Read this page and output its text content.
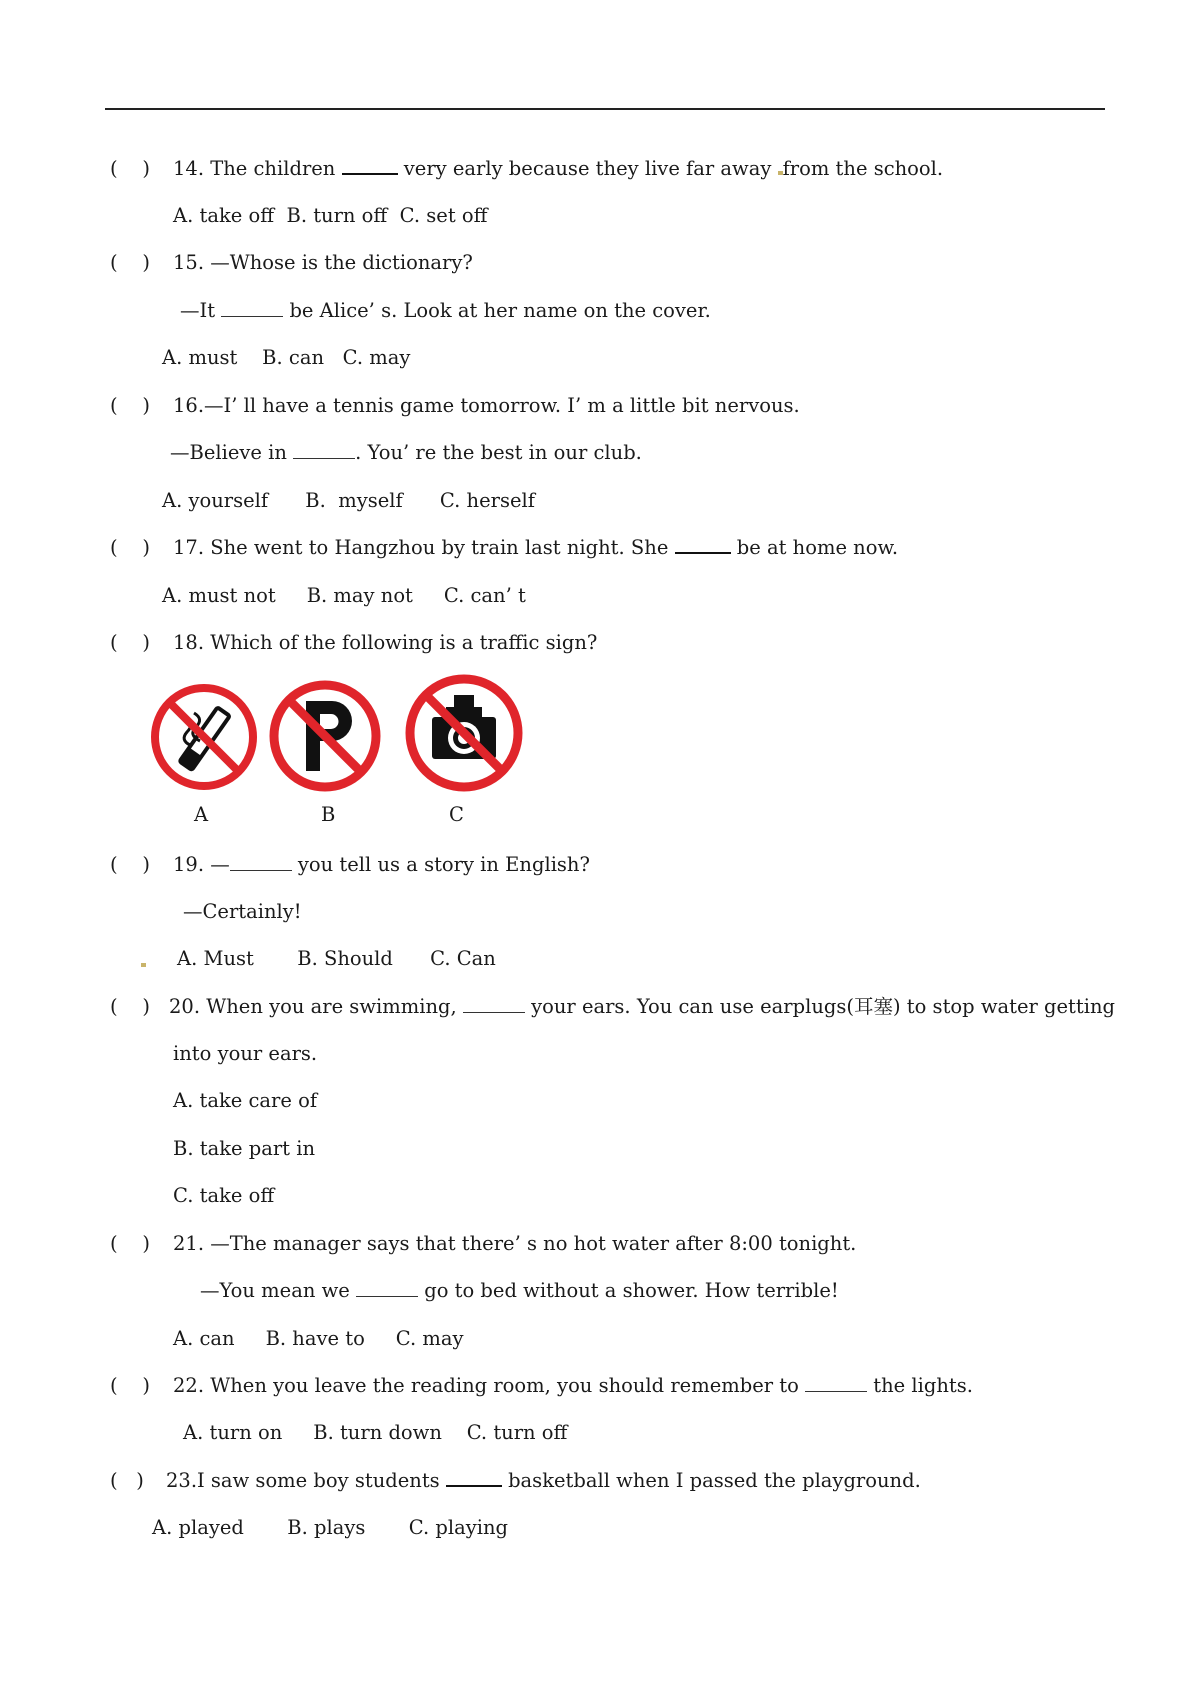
(    ) 14. The children	very early because they live far away from the school.
A. take off  B. turn off  C. set off
(    ) 15. —Whose is the dictionary?
—It	be Alice’ s. Look at her name on the cover.
A. must    B. can   C. may
(    ) 16.—I’ ll have a tennis game tomorrow. I’ m a little bit nervous.
—Believe in	. You’ re the best in our club.
A. yourself      B.  myself      C. herself
(    ) 17. She went to Hangzhou by train last night. She	be at home now.
A. must not     B. may not     C. can’ t
(    ) 18. Which of the following is a traffic sign?
A	B	C
(    ) 19. —	you tell us a story in English?
—Certainly!
A. Must       B. Should      C. Can
(    ) 20. When you are swimming,	your ears. You can use earplugs(耳塞) to stop water getting
into your ears.
A. take care of
B. take part in
C. take off
(    ) 21. —The manager says that there’ s no hot water after 8:00 tonight.
—You mean we	go to bed without a shower. How terrible!
A. can     B. have to     C. may
(    ) 22. When you leave the reading room, you should remember to	the lights.
A. turn on     B. turn down    C. turn off
(   ) 23.I saw some boy students	basketball when I passed the playground.
A. played       B. plays       C. playing
